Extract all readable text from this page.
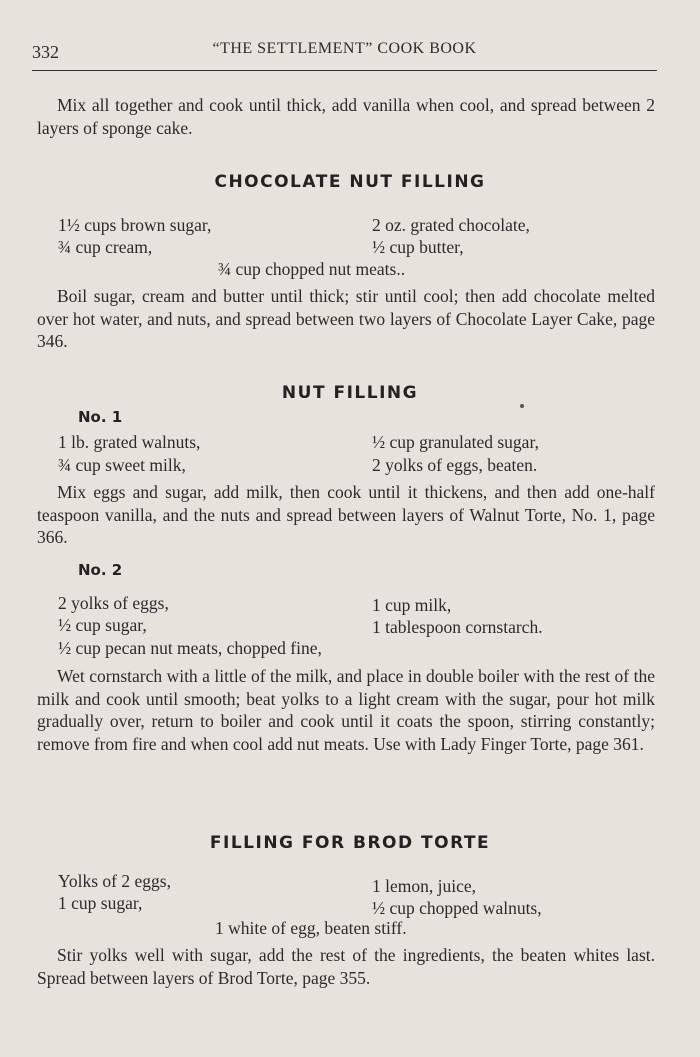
332	“THE SETTLEMENT” COOK BOOK
Mix all together and cook until thick, add vanilla when cool, and spread between 2 layers of sponge cake.
CHOCOLATE NUT FILLING
1½ cups brown sugar,	2 oz. grated chocolate,
¾ cup cream,	½ cup butter,
¾ cup chopped nut meats..
Boil sugar, cream and butter until thick; stir until cool; then add chocolate melted over hot water, and nuts, and spread between two layers of Chocolate Layer Cake, page 346.
NUT FILLING
No. 1
1 lb. grated walnuts,	½ cup granulated sugar,
¾ cup sweet milk,	2 yolks of eggs, beaten.
Mix eggs and sugar, add milk, then cook until it thickens, and then add one-half teaspoon vanilla, and the nuts and spread between layers of Walnut Torte, No. 1, page 366.
No. 2
2 yolks of eggs,	1 cup milk,
½ cup sugar,	1 tablespoon cornstarch.
½ cup pecan nut meats, chopped fine,
Wet cornstarch with a little of the milk, and place in double boiler with the rest of the milk and cook until smooth; beat yolks to a light cream with the sugar, pour hot milk gradually over, return to boiler and cook until it coats the spoon, stirring constantly; remove from fire and when cool add nut meats. Use with Lady Finger Torte, page 361.
FILLING FOR BROD TORTE
Yolks of 2 eggs,	1 lemon, juice,
1 cup sugar,	½ cup chopped walnuts,
1 white of egg, beaten stiff.
Stir yolks well with sugar, add the rest of the ingredients, the beaten whites last. Spread between layers of Brod Torte, page 355.
